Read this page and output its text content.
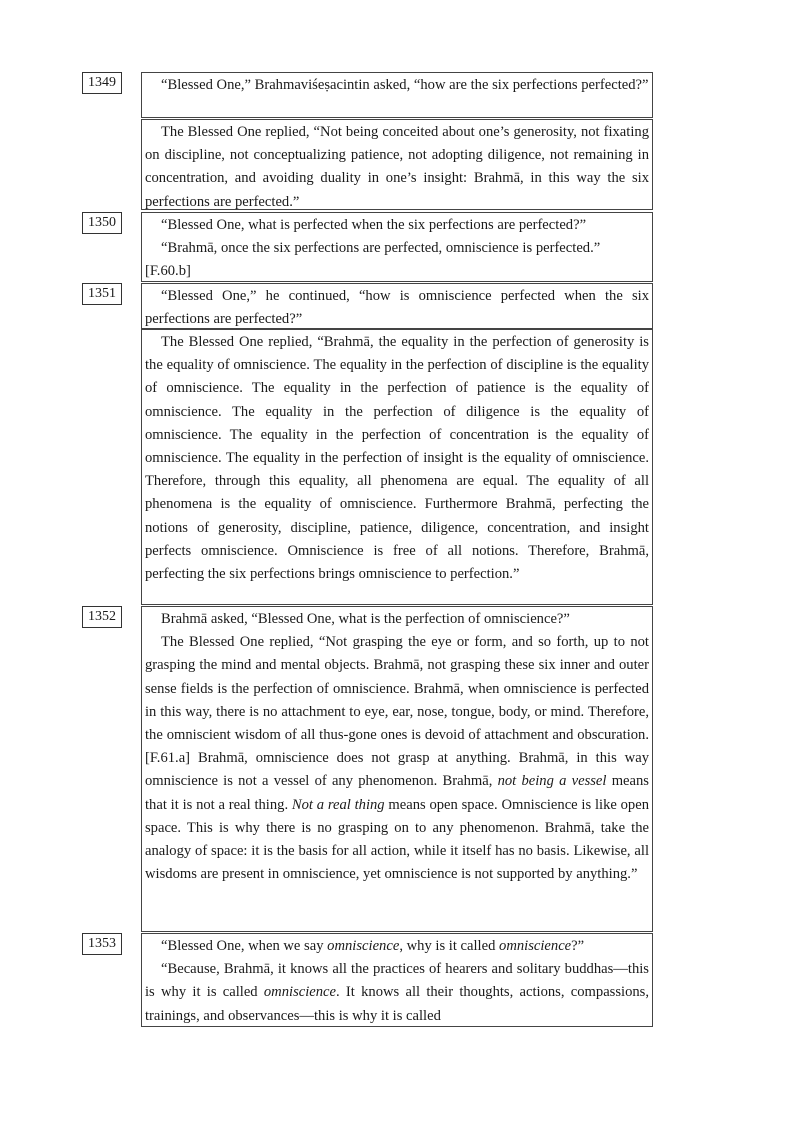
1349	“Blessed One,” Brahmaviśeṣacintin asked, “how are the six perfections perfected?”

The Blessed One replied, “Not being conceited about one’s generosity, not fixating on discipline, not conceptualizing patience, not adopting diligence, not remaining in concentration, and avoiding duality in one’s insight: Brahmā, in this way the six perfections are perfected.”

1350	“Blessed One, what is perfected when the six perfections are perfected?”

“Brahmā, once the six perfections are perfected, omniscience is perfected.”

[F.60.b]

1351	“Blessed One,” he continued, “how is omniscience perfected when the six perfections are perfected?”

The Blessed One replied, “Brahmā, the equality in the perfection of generosity is the equality of omniscience. The equality in the perfection of discipline is the equality of omniscience. The equality in the perfection of patience is the equality of omniscience. The equality in the perfection of diligence is the equality of omniscience. The equality in the perfection of concentration is the equality of omniscience. The equality in the perfection of insight is the equality of omniscience. Therefore, through this equality, all phenomena are equal. The equality of all phenomena is the equality of omniscience. Furthermore Brahmā, perfecting the notions of generosity, discipline, patience, diligence, concentration, and insight perfects omniscience. Omniscience is free of all notions. Therefore, Brahmā, perfecting the six perfections brings omniscience to perfection.”

1352	Brahmā asked, “Blessed One, what is the perfection of omniscience?”

The Blessed One replied, “Not grasping the eye or form, and so forth, up to not grasping the mind and mental objects. Brahmā, not grasping these six inner and outer sense fields is the perfection of omniscience. Brahmā, when omniscience is perfected in this way, there is no attachment to eye, ear, nose, tongue, body, or mind. Therefore, the omniscient wisdom of all thus-gone ones is devoid of attachment and obscuration. [F.61.a] Brahmā, omniscience does not grasp at anything. Brahmā, in this way omniscience is not a vessel of any phenomenon. Brahmā, not being a vessel means that it is not a real thing. Not a real thing means open space. Omniscience is like open space. This is why there is no grasping on to any phenomenon. Brahmā, take the analogy of space: it is the basis for all action, while it itself has no basis. Likewise, all wisdoms are present in omniscience, yet omniscience is not supported by anything.”

1353	“Blessed One, when we say omniscience, why is it called omniscience?”

“Because, Brahmā, it knows all the practices of hearers and solitary buddhas—this is why it is called omniscience. It knows all their thoughts, actions, compassions, trainings, and observances—this is why it is called
